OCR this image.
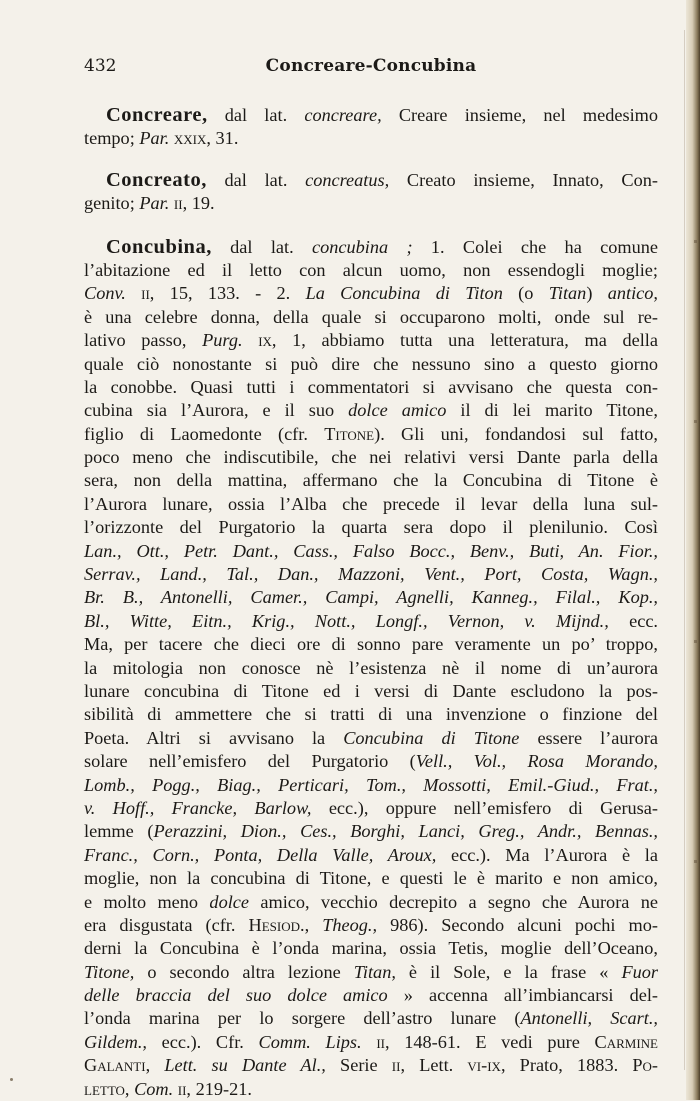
432	Concreare-Concubina
Concreare, dal lat. concreare, Creare insieme, nel medesimo
tempo; Par. xxix, 31.
Concreato, dal lat. concreatus, Creato insieme, Innato, Con-
genito; Par. ii, 19.
Concubina, dal lat. concubina ; 1. Colei che ha comune
l’abitazione ed il letto con alcun uomo, non essendogli moglie;
Conv. ii, 15, 133. - 2. La Concubina di Titon (o Titan) antico,
è una celebre donna, della quale si occuparono molti, onde sul re-
lativo passo, Purg. ix, 1, abbiamo tutta una letteratura, ma della
quale ciò nonostante si può dire che nessuno sino a questo giorno
la conobbe. Quasi tutti i commentatori si avvisano che questa con-
cubina sia l’Aurora, e il suo dolce amico il di lei marito Titone,
figlio di Laomedonte (cfr. Titone). Gli uni, fondandosi sul fatto,
poco meno che indiscutibile, che nei relativi versi Dante parla della
sera, non della mattina, affermano che la Concubina di Titone è
l’Aurora lunare, ossia l’Alba che precede il levar della luna sul-
l’orizzonte del Purgatorio la quarta sera dopo il plenilunio. Così
Lan., Ott., Petr. Dant., Cass., Falso Bocc., Benv., Buti, An. Fior.,
Serrav., Land., Tal., Dan., Mazzoni, Vent., Port, Costa, Wagn.,
Br. B., Antonelli, Camer., Campi, Agnelli, Kanneg., Filal., Kop.,
Bl., Witte, Eitn., Krig., Nott., Longf., Vernon, v. Mijnd., ecc.
Ma, per tacere che dieci ore di sonno pare veramente un po’ troppo,
la mitologia non conosce nè l’esistenza nè il nome di un’aurora
lunare concubina di Titone ed i versi di Dante escludono la pos-
sibilità di ammettere che si tratti di una invenzione o finzione del
Poeta. Altri si avvisano la Concubina di Titone essere l’aurora
solare nell’emisfero del Purgatorio (Vell., Vol., Rosa Morando,
Lomb., Pogg., Biag., Perticari, Tom., Mossotti, Emil.-Giud., Frat.,
v. Hoff., Francke, Barlow, ecc.), oppure nell’emisfero di Gerusa-
lemme (Perazzini, Dion., Ces., Borghi, Lanci, Greg., Andr., Bennas.,
Franc., Corn., Ponta, Della Valle, Aroux, ecc.). Ma l’Aurora è la
moglie, non la concubina di Titone, e questi le è marito e non amico,
e molto meno dolce amico, vecchio decrepito a segno che Aurora ne
era disgustata (cfr. Hesiod., Theog., 986). Secondo alcuni pochi mo-
derni la Concubina è l’onda marina, ossia Tetis, moglie dell’Oceano,
Titone, o secondo altra lezione Titan, è il Sole, e la frase « Fuor
delle braccia del suo dolce amico » accenna all’imbiancarsi del-
l’onda marina per lo sorgere dell’astro lunare (Antonelli, Scart.,
Gildem., ecc.). Cfr. Comm. Lips. ii, 148-61. E vedi pure Carmine
Galanti, Lett. su Dante Al., Serie ii, Lett. vi-ix, Prato, 1883. Po-
letto, Com. ii, 219-21.
